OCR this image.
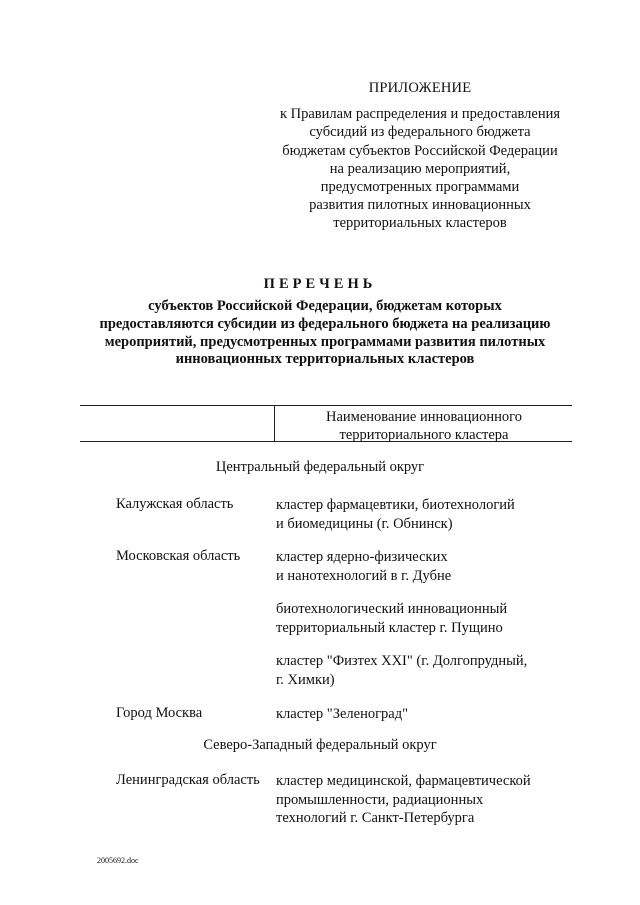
ПРИЛОЖЕНИЕ
к Правилам распределения и предоставления
субсидий из федерального бюджета
бюджетам субъектов Российской Федерации
на реализацию мероприятий,
предусмотренных программами
развития пилотных инновационных
территориальных кластеров
ПЕРЕЧЕНЬ
субъектов Российской Федерации, бюджетам которых
предоставляются субсидии из федерального бюджета на реализацию
мероприятий, предусмотренных программами развития пилотных
инновационных территориальных кластеров
Наименование инновационного
территориального кластера
Центральный федеральный округ
Калужская область	кластер фармацевтики, биотехнологий
и биомедицины (г. Обнинск)
Московская область кластер ядерно-физических
и нанотехнологий в г. Дубне
биотехнологический инновационный
территориальный кластер г. Пущино
кластер "Физтех XXI" (г. Долгопрудный,
г. Химки)
Город Москва	кластер "Зеленоград"
Северо-Западный федеральный округ
Ленинградская область кластер медицинской, фармацевтической
промышленности, радиационных
технологий г. Санкт-Петербурга
2005692.doc
